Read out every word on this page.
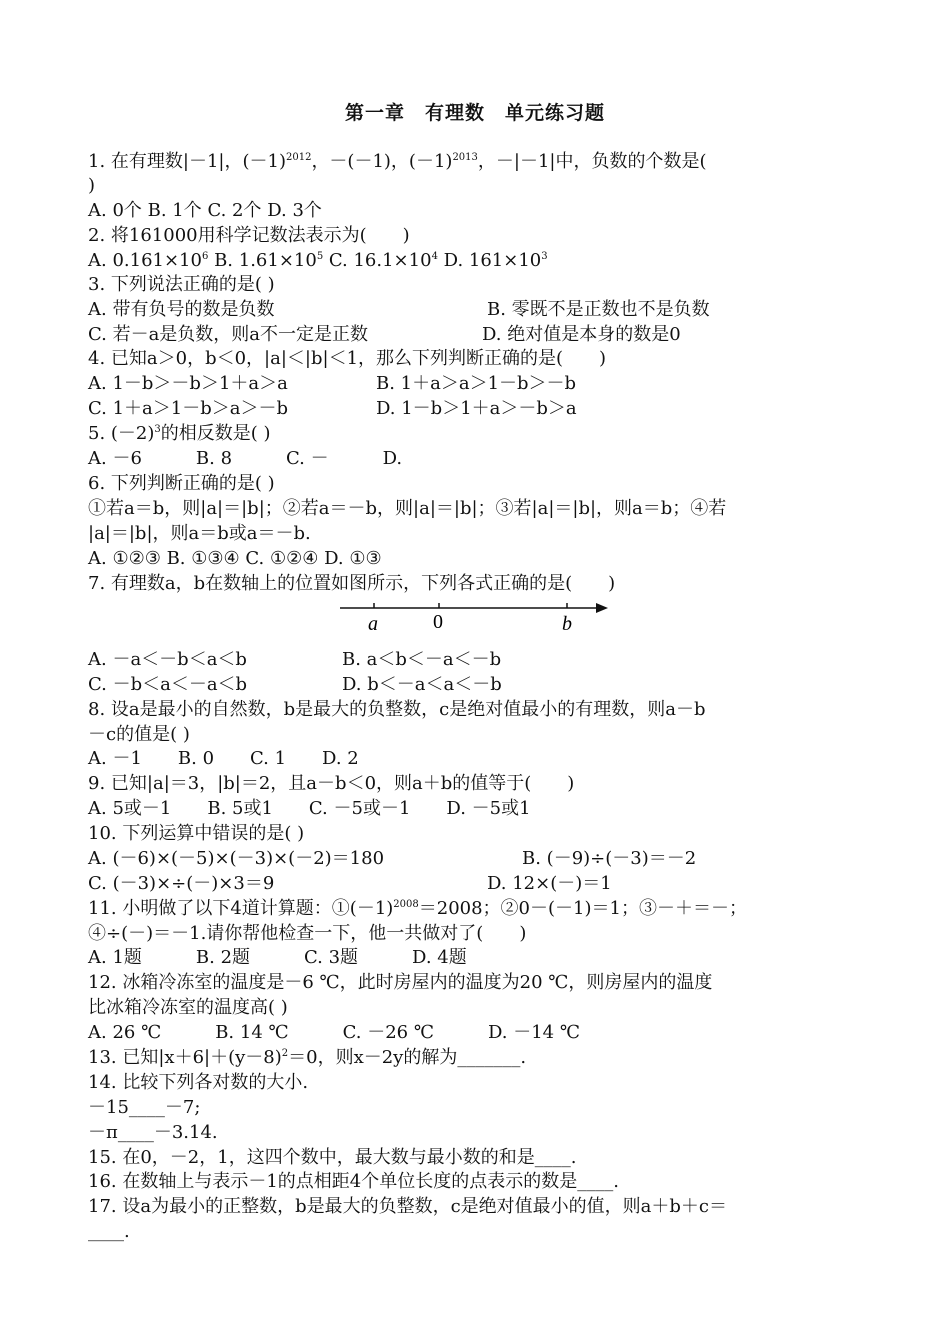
第一章　有理数　单元练习题
1. 在有理数|－1|，$(-1)^{2012}$，－(－1)，$(-1)^{2013}$，－|－1|中，负数的个数是(
)
A. 0个 B. 1个 C. 2个 D. 3个
2. 将161000用科学记数法表示为(　　)
A. $0.161\times 10^6$ B. $1.61\times 10^5$ C. $16.1\times 10^4$ D. $161\times 10^3$
3. 下列说法正确的是( )
A. 带有负号的数是负数	B. 零既不是正数也不是负数
C. 若－a是负数，则a不一定是正数	D. 绝对值是本身的数是0
4. 已知a＞0，b＜0，|a|＜|b|＜1，那么下列判断正确的是(　　)
A. 1－b＞－b＞1＋a＞a	B. 1＋a＞a＞1－b＞－b
C. 1＋a＞1－b＞a＞－b	D. 1－b＞1＋a＞－b＞a
5. $(-2)^3$的相反数是( )
A. －6　　　B. 8　　　C. －　　　D.
6. 下列判断正确的是( )
①若a＝b，则|a|＝|b|；②若a＝－b，则|a|＝|b|；③若|a|＝|b|，则a＝b；④若
|a|＝|b|，则a＝b或a＝－b.
A. ①②③ B. ①③④ C. ①②④ D. ①③
7. 有理数a，b在数轴上的位置如图所示，下列各式正确的是(　　)
a	0	b
A. －a＜－b＜a＜b	B. a＜b＜－a＜－b
C. －b＜a＜－a＜b	D. b＜－a＜a＜－b
8. 设a是最小的自然数，b是最大的负整数，c是绝对值最小的有理数，则a－b
－c的值是( )
A. －1　　B. 0　　C. 1　　D. 2
9. 已知|a|＝3，|b|＝2，且a－b＜0，则a＋b的值等于(　　)
A. 5或－1　　B. 5或1　　C. －5或－1　　D. －5或1
10. 下列运算中错误的是( )
A. (－6)×(－5)×(－3)×(－2)＝180	B. (－9)÷(－3)＝－2
C. (－3)×÷(－)×3＝9	D. 12×(－)＝1
11. 小明做了以下4道计算题：$①(-1)^{2008}=2008$；②0－(－1)＝1；③－＋＝－；
④÷(－)＝－1.请你帮他检查一下，他一共做对了(　　)
A. 1题　　　B. 2题　　　C. 3题　　　D. 4题
12. 冰箱冷冻室的温度是－6 ℃，此时房屋内的温度为20 ℃，则房屋内的温度
比冰箱冷冻室的温度高( )
A. 26 ℃　　　B. 14 ℃　　　C. －26 ℃　　　D. －14 ℃
13. 已知$|x+6|+(y-8)^2=0$，则x－2y的解为_______.
14. 比较下列各对数的大小.
－15____－7;
－π____－3.14.
15. 在0，－2，1，这四个数中，最大数与最小数的和是____.
16. 在数轴上与表示－1的点相距4个单位长度的点表示的数是____.
17. 设a为最小的正整数，b是最大的负整数，c是绝对值最小的值，则a＋b＋c＝
____.
